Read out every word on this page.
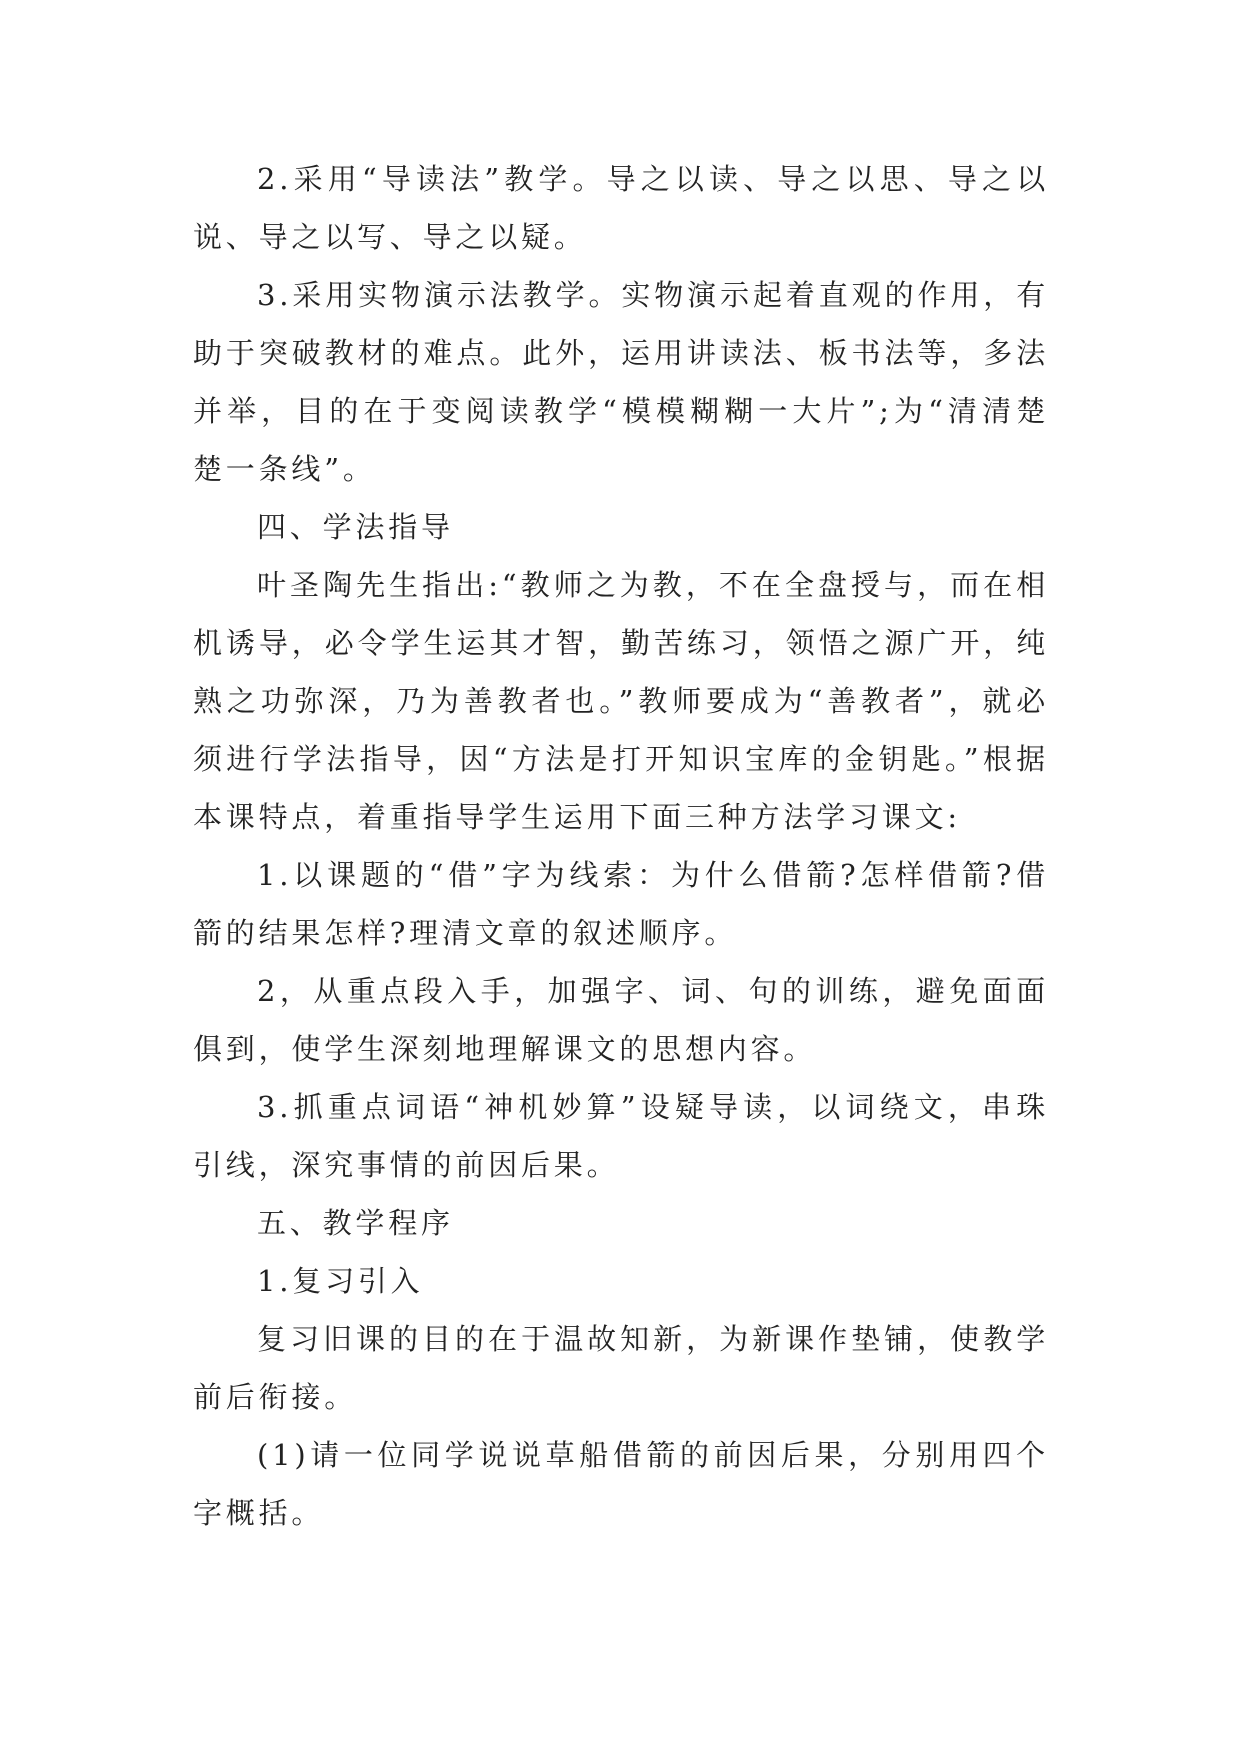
2.采用“导读法”教学。导之以读、导之以思、导之以说、导之以写、导之以疑。

3.采用实物演示法教学。实物演示起着直观的作用，有助于突破教材的难点。此外，运用讲读法、板书法等，多法并举，目的在于变阅读教学“模模糊糊一大片”;为“清清楚楚一条线”。

四、学法指导

叶圣陶先生指出:“教师之为教，不在全盘授与，而在相机诱导，必令学生运其才智，勤苦练习，领悟之源广开，纯熟之功弥深，乃为善教者也。”教师要成为“善教者”，就必须进行学法指导，因“方法是打开知识宝库的金钥匙。”根据本课特点，着重指导学生运用下面三种方法学习课文:

1.以课题的“借”字为线索：为什么借箭?怎样借箭?借箭的结果怎样?理清文章的叙述顺序。

2，从重点段入手，加强字、词、句的训练，避免面面俱到，使学生深刻地理解课文的思想内容。

3.抓重点词语“神机妙算”设疑导读，以词绕文，串珠引线，深究事情的前因后果。

五、教学程序

1.复习引入

复习旧课的目的在于温故知新，为新课作垫铺，使教学前后衔接。

(1)请一位同学说说草船借箭的前因后果，分别用四个字概括。
